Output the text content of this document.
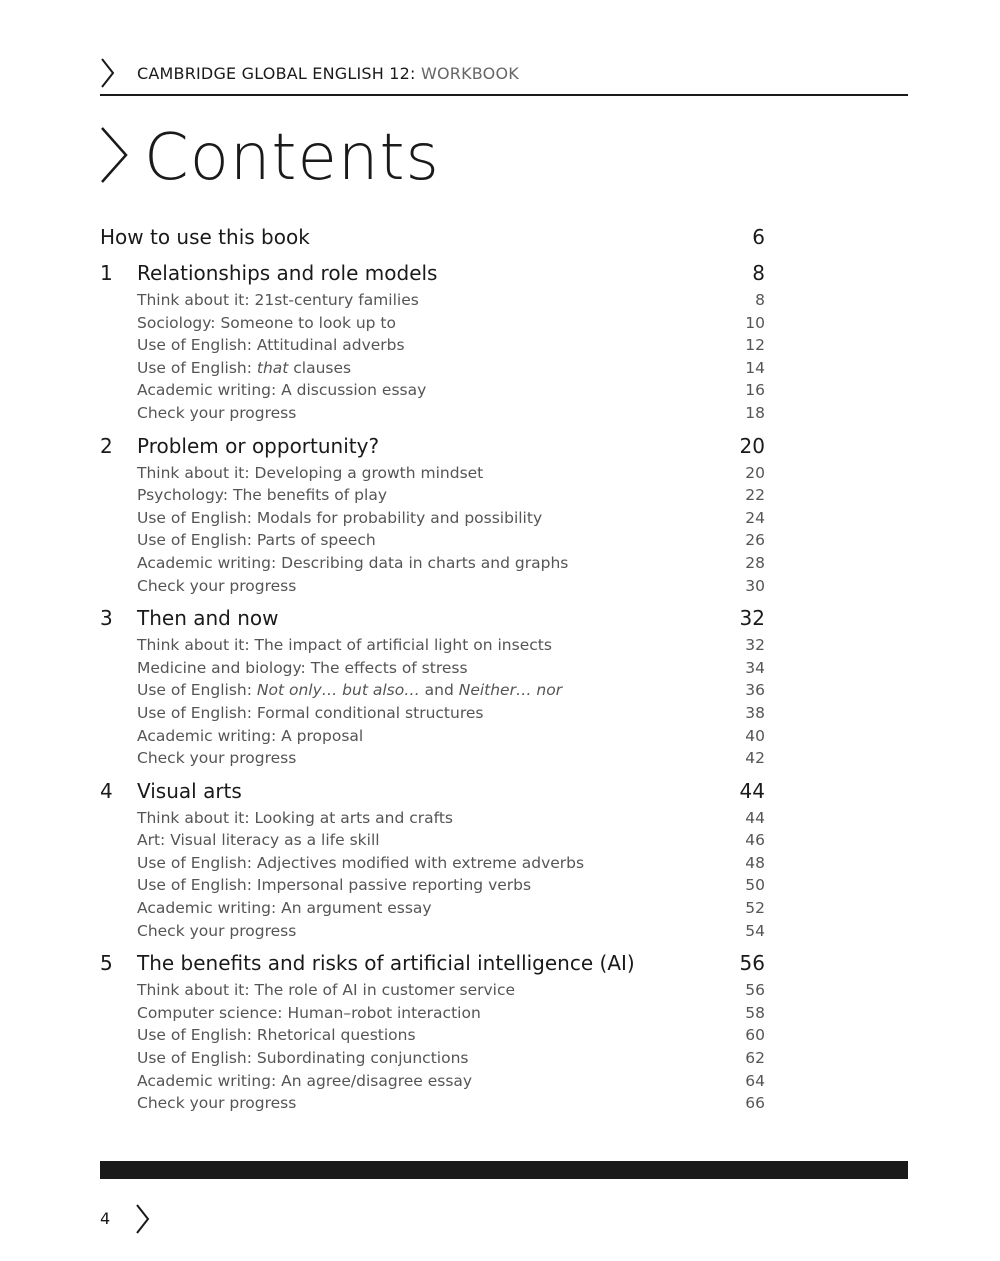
CAMBRIDGE GLOBAL ENGLISH 12: WORKBOOK
Contents
How to use this book	6
1 Relationships and role models	8
Think about it: 21st-century families	8
Sociology: Someone to look up to	10
Use of English: Attitudinal adverbs	12
Use of English: that clauses	14
Academic writing: A discussion essay	16
Check your progress	18
2 Problem or opportunity?	20
Think about it: Developing a growth mindset	20
Psychology: The benefits of play	22
Use of English: Modals for probability and possibility	24
Use of English: Parts of speech	26
Academic writing: Describing data in charts and graphs	28
Check your progress	30
3 Then and now	32
Think about it: The impact of artificial light on insects	32
Medicine and biology: The effects of stress	34
Use of English: Not only… but also… and Neither… nor	36
Use of English: Formal conditional structures	38
Academic writing: A proposal	40
Check your progress	42
4 Visual arts	44
Think about it: Looking at arts and crafts	44
Art: Visual literacy as a life skill	46
Use of English: Adjectives modified with extreme adverbs	48
Use of English: Impersonal passive reporting verbs	50
Academic writing: An argument essay	52
Check your progress	54
5 The benefits and risks of artificial intelligence (AI)	56
Think about it: The role of AI in customer service	56
Computer science: Human–robot interaction	58
Use of English: Rhetorical questions	60
Use of English: Subordinating conjunctions	62
Academic writing: An agree/disagree essay	64
Check your progress	66
4
